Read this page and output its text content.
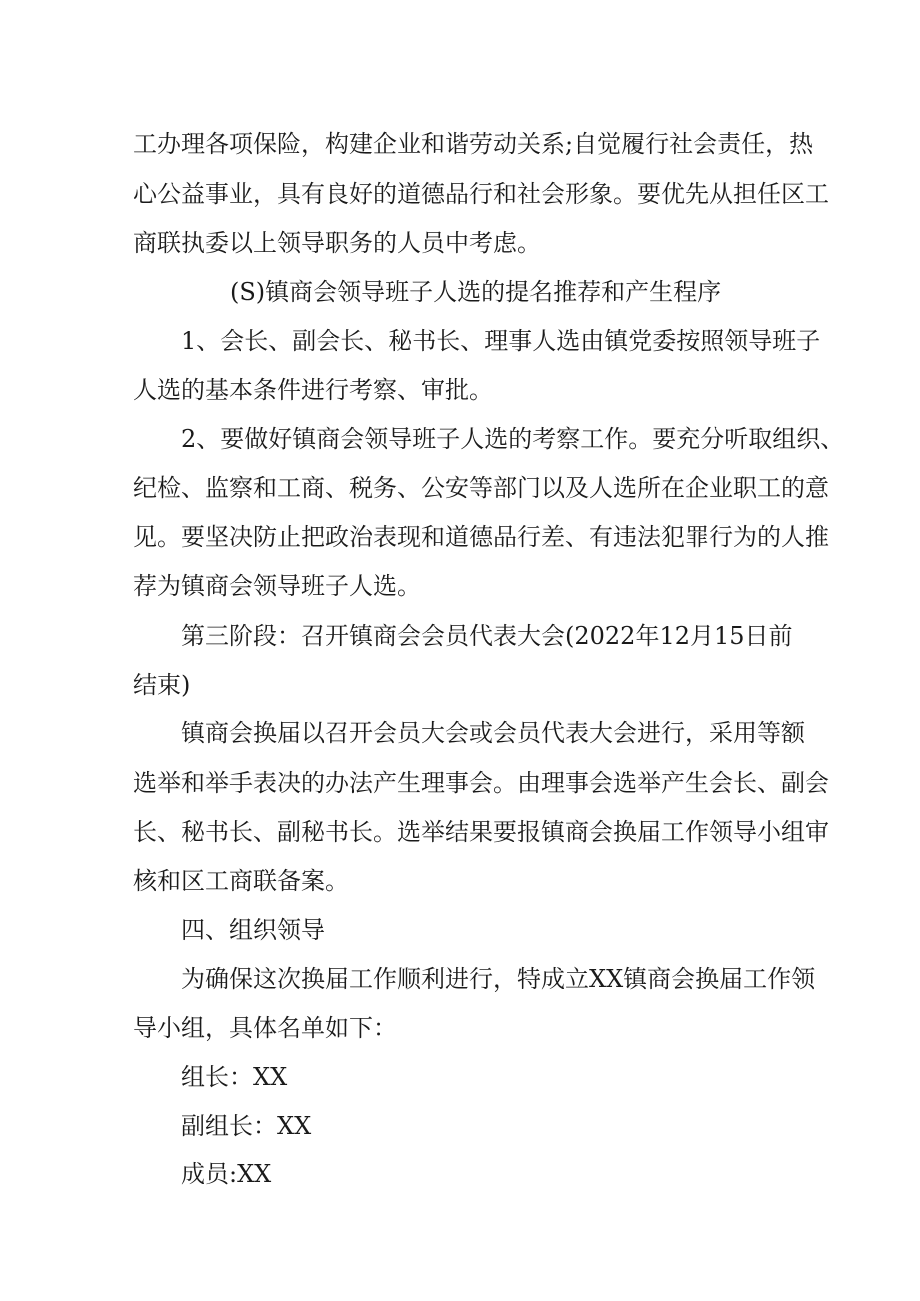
工办理各项保险，构建企业和谐劳动关系;自觉履行社会责任，热
心公益事业，具有良好的道德品行和社会形象。要优先从担任区工
商联执委以上领导职务的人员中考虑。
(S)镇商会领导班子人选的提名推荐和产生程序
1、会长、副会长、秘书长、理事人选由镇党委按照领导班子
人选的基本条件进行考察、审批。
2、要做好镇商会领导班子人选的考察工作。要充分听取组织、
纪检、监察和工商、税务、公安等部门以及人选所在企业职工的意
见。要坚决防止把政治表现和道德品行差、有违法犯罪行为的人推
荐为镇商会领导班子人选。
第三阶段：召开镇商会会员代表大会(2022年12月15日前
结束)
镇商会换届以召开会员大会或会员代表大会进行，采用等额
选举和举手表决的办法产生理事会。由理事会选举产生会长、副会
长、秘书长、副秘书长。选举结果要报镇商会换届工作领导小组审
核和区工商联备案。
四、组织领导
为确保这次换届工作顺利进行，特成立XX镇商会换届工作领
导小组，具体名单如下：
组长：XX
副组长：XX
成员:XX
